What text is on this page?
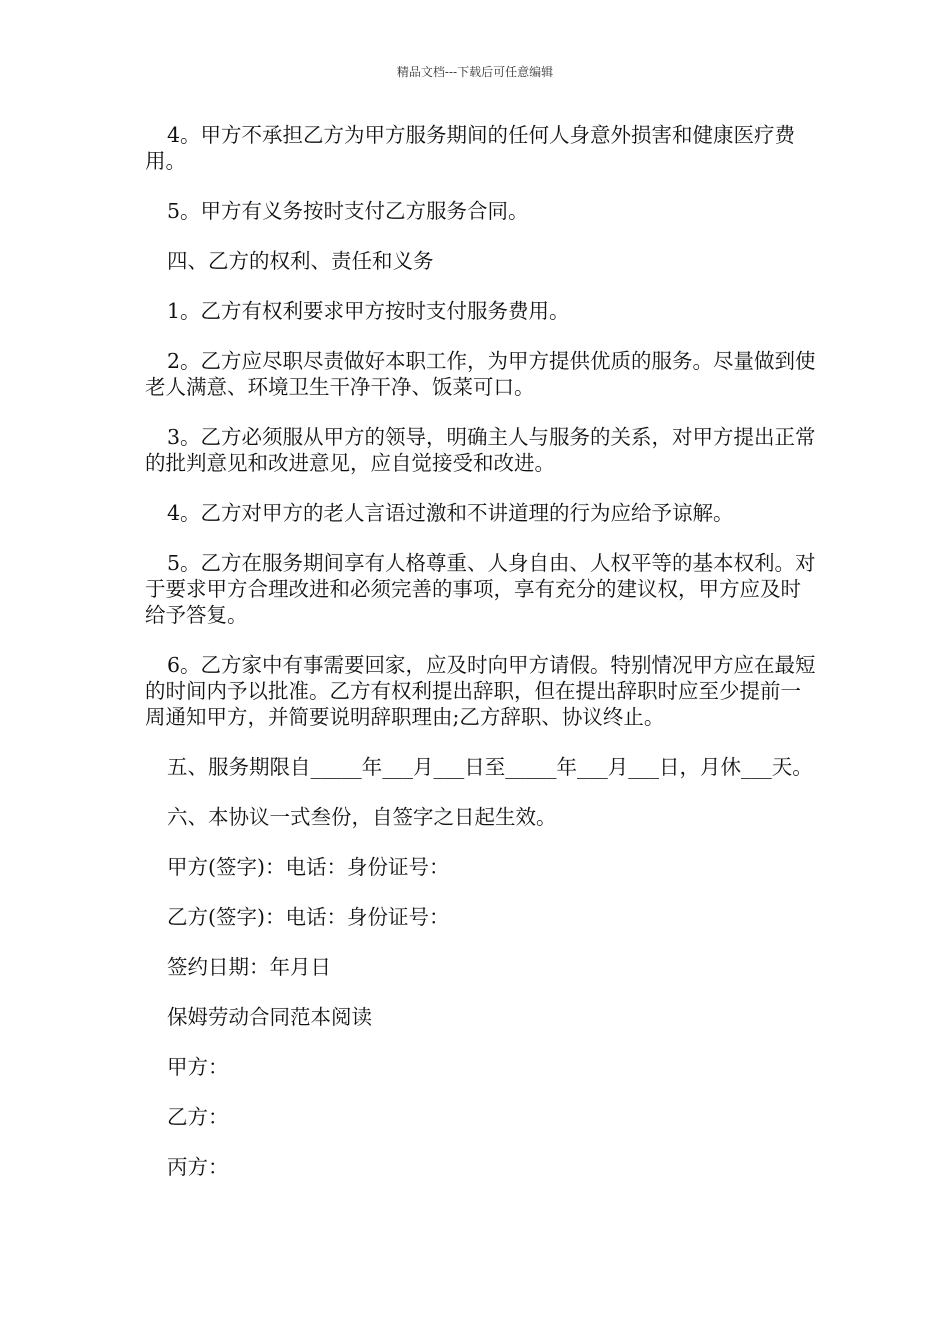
精品文档---下载后可任意编辑

4。甲方不承担乙方为甲方服务期间的任何人身意外损害和健康医疗费用。

5。甲方有义务按时支付乙方服务合同。

四、乙方的权利、责任和义务

1。乙方有权利要求甲方按时支付服务费用。

2。乙方应尽职尽责做好本职工作，为甲方提供优质的服务。尽量做到使老人满意、环境卫生干净干净、饭菜可口。

3。乙方必须服从甲方的领导，明确主人与服务的关系，对甲方提出正常的批判意见和改进意见，应自觉接受和改进。

4。乙方对甲方的老人言语过激和不讲道理的行为应给予谅解。

5。乙方在服务期间享有人格尊重、人身自由、人权平等的基本权利。对于要求甲方合理改进和必须完善的事项，享有充分的建议权，甲方应及时给予答复。

6。乙方家中有事需要回家，应及时向甲方请假。特别情况甲方应在最短的时间内予以批准。乙方有权利提出辞职，但在提出辞职时应至少提前一周通知甲方，并简要说明辞职理由;乙方辞职、协议终止。

五、服务期限自_____年___月___日至_____年___月___日，月休___天。

六、本协议一式叁份，自签字之日起生效。

甲方(签字)：电话：身份证号：

乙方(签字)：电话：身份证号：

签约日期：年月日

保姆劳动合同范本阅读

甲方：

乙方：

丙方：
